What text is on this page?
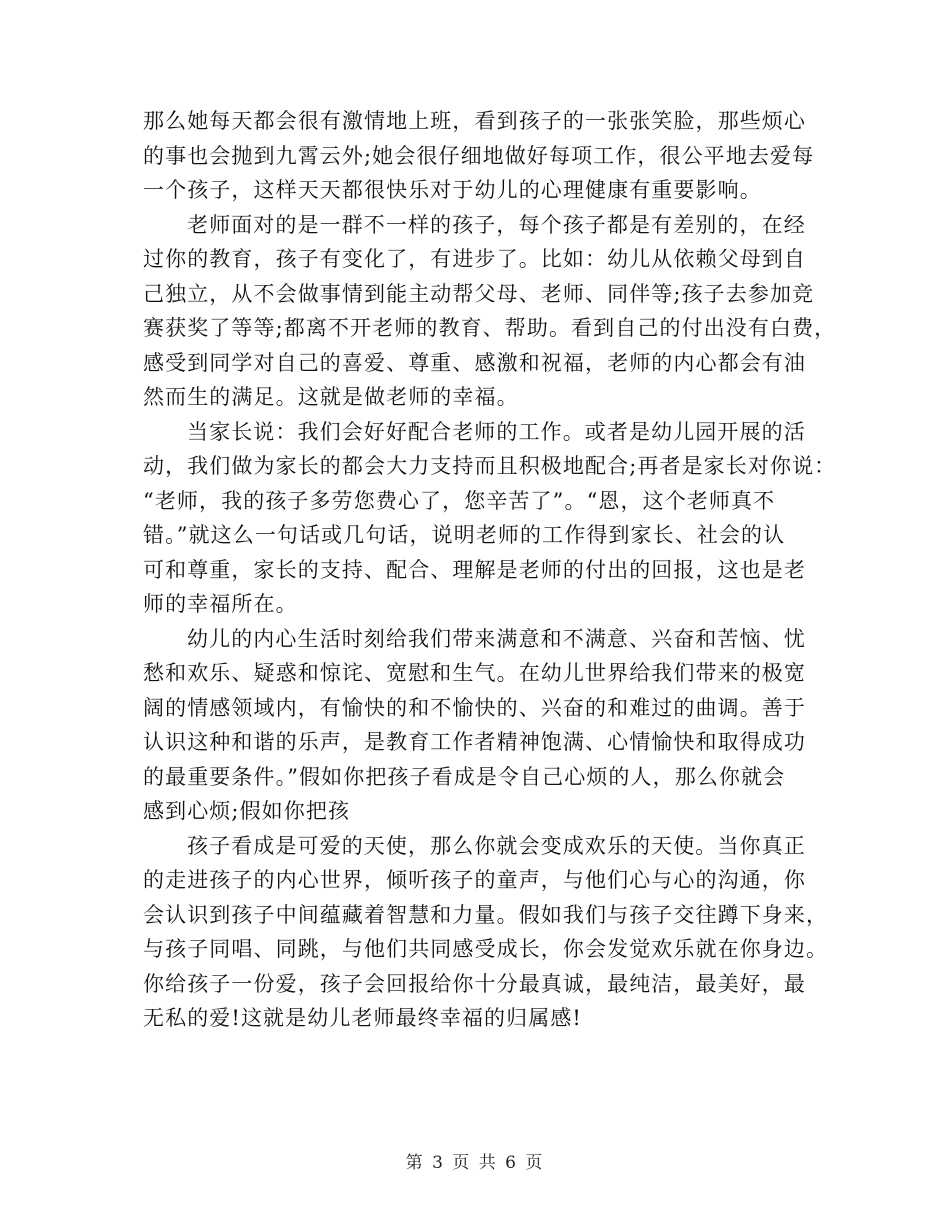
那么她每天都会很有激情地上班，看到孩子的一张张笑脸，那些烦心
的事也会抛到九霄云外;她会很仔细地做好每项工作，很公平地去爱每
一个孩子，这样天天都很快乐对于幼儿的心理健康有重要影响。
老师面对的是一群不一样的孩子，每个孩子都是有差别的，在经
过你的教育，孩子有变化了，有进步了。比如：幼儿从依赖父母到自
己独立，从不会做事情到能主动帮父母、老师、同伴等;孩子去参加竞
赛获奖了等等;都离不开老师的教育、帮助。看到自己的付出没有白费，
感受到同学对自己的喜爱、尊重、感激和祝福，老师的内心都会有油
然而生的满足。这就是做老师的幸福。
当家长说：我们会好好配合老师的工作。或者是幼儿园开展的活
动，我们做为家长的都会大力支持而且积极地配合;再者是家长对你说：
“老师，我的孩子多劳您费心了，您辛苦了”。“恩，这个老师真不
错。”就这么一句话或几句话，说明老师的工作得到家长、社会的认
可和尊重，家长的支持、配合、理解是老师的付出的回报，这也是老
师的幸福所在。
幼儿的内心生活时刻给我们带来满意和不满意、兴奋和苦恼、忧
愁和欢乐、疑惑和惊诧、宽慰和生气。在幼儿世界给我们带来的极宽
阔的情感领域内，有愉快的和不愉快的、兴奋的和难过的曲调。善于
认识这种和谐的乐声，是教育工作者精神饱满、心情愉快和取得成功
的最重要条件。”假如你把孩子看成是令自己心烦的人，那么你就会
感到心烦;假如你把孩
孩子看成是可爱的天使，那么你就会变成欢乐的天使。当你真正
的走进孩子的内心世界，倾听孩子的童声，与他们心与心的沟通，你
会认识到孩子中间蕴藏着智慧和力量。假如我们与孩子交往蹲下身来，
与孩子同唱、同跳，与他们共同感受成长，你会发觉欢乐就在你身边。
你给孩子一份爱，孩子会回报给你十分最真诚，最纯洁，最美好，最
无私的爱!这就是幼儿老师最终幸福的归属感!
第 3 页 共 6 页
